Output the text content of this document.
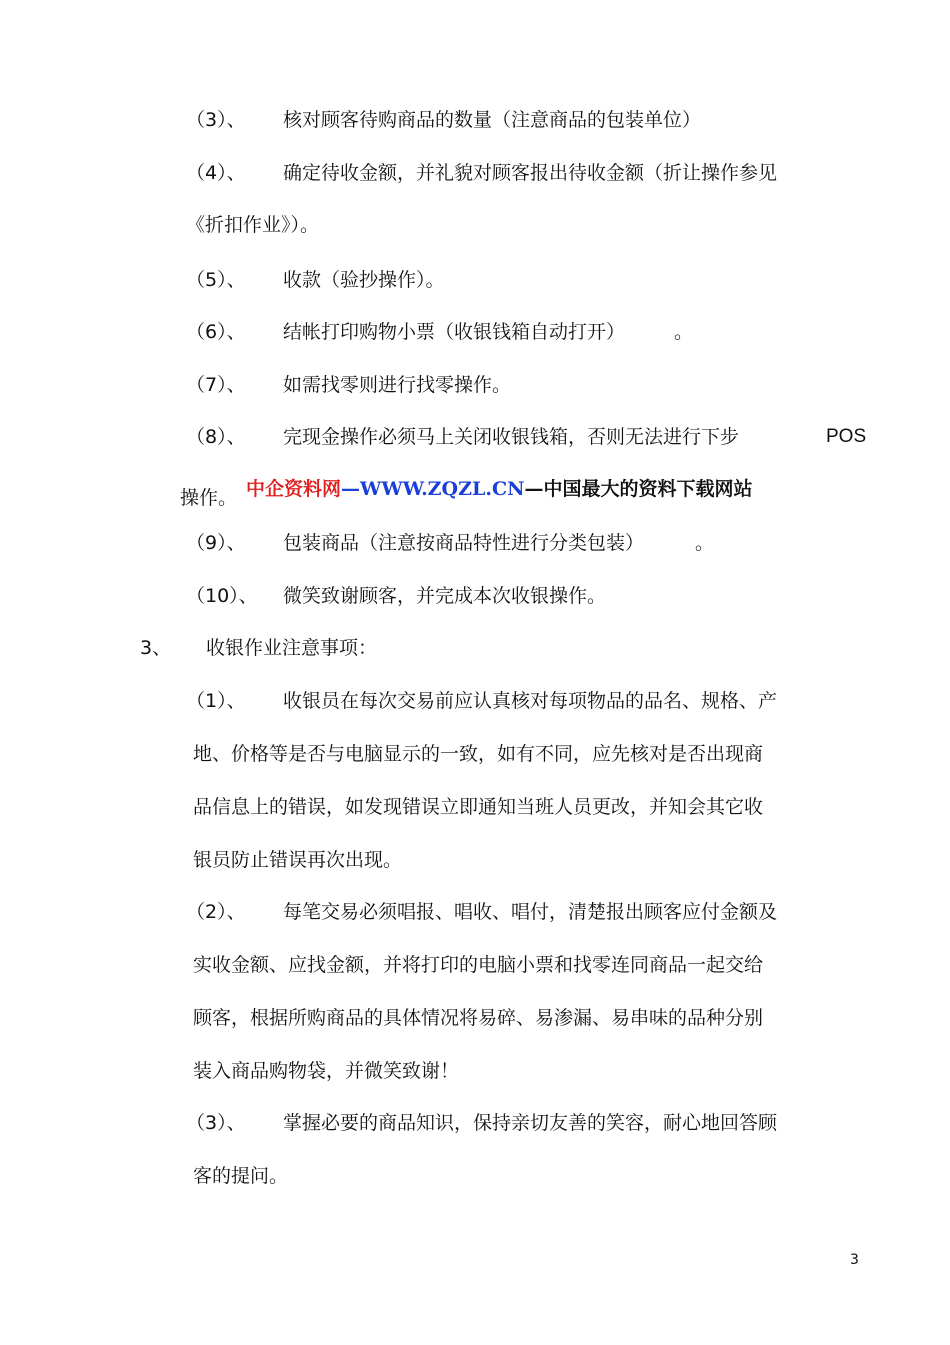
（3）、 核对顾客待购商品的数量（注意商品的包装单位）
（4）、 确定待收金额，并礼貌对顾客报出待收金额（折让操作参见
《折扣作业》）。
（5）、 收款（验抄操作）。
（6）、 结帐打印购物小票（收银钱箱自动打开）	。
（7）、 如需找零则进行找零操作。
（8）、 完现金操作必须马上关闭收银钱箱，否则无法进行下步	POS
操作。 中企资料网—WWW.ZQZL.CN—中国最大的资料下载网站
（9）、 包装商品（注意按商品特性进行分类包装）	。
（10）、 微笑致谢顾客，并完成本次收银操作。
3、 收银作业注意事项：
（1）、 收银员在每次交易前应认真核对每项物品的品名、规格、产
地、价格等是否与电脑显示的一致，如有不同，应先核对是否出现商
品信息上的错误，如发现错误立即通知当班人员更改，并知会其它收
银员防止错误再次出现。
（2）、 每笔交易必须唱报、唱收、唱付，清楚报出顾客应付金额及
实收金额、应找金额，并将打印的电脑小票和找零连同商品一起交给
顾客，根据所购商品的具体情况将易碎、易渗漏、易串味的品种分别
装入商品购物袋，并微笑致谢！
（3）、 掌握必要的商品知识，保持亲切友善的笑容，耐心地回答顾
客的提问。
3
